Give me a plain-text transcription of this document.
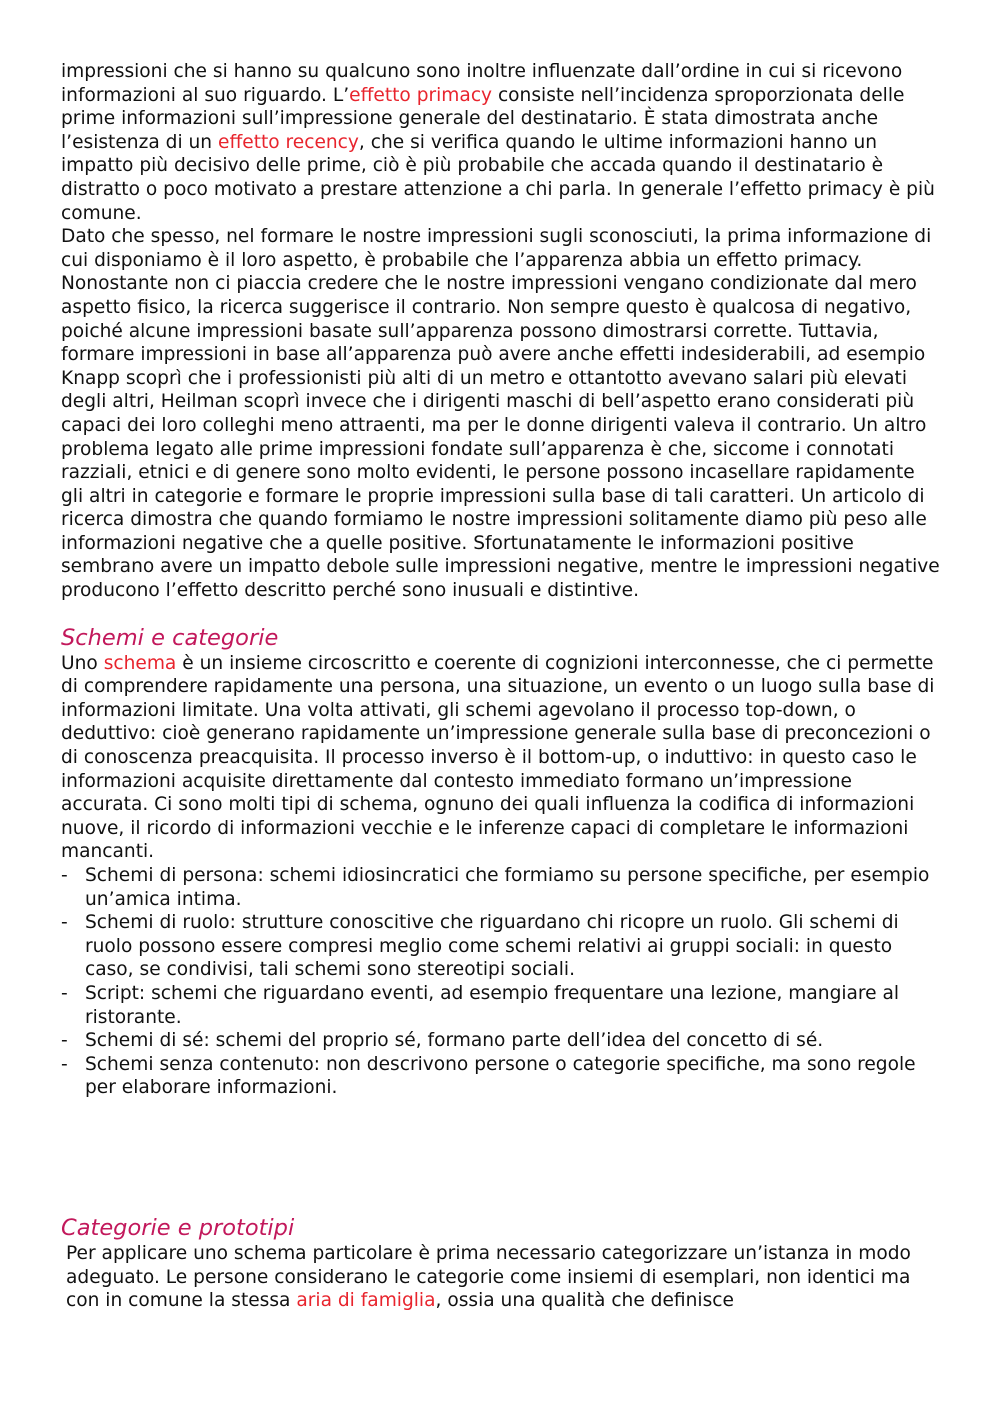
impressioni che si hanno su qualcuno sono inoltre influenzate dall’ordine in cui si ricevono informazioni al suo riguardo. L’effetto primacy consiste nell’incidenza sproporzionata delle prime informazioni sull’impressione generale del destinatario. È stata dimostrata anche l’esistenza di un effetto recency, che si verifica quando le ultime informazioni hanno un impatto più decisivo delle prime, ciò è più probabile che accada quando il destinatario è distratto o poco motivato a prestare attenzione a chi parla. In generale l’effetto primacy è più comune.

Dato che spesso, nel formare le nostre impressioni sugli sconosciuti, la prima informazione di cui disponiamo è il loro aspetto, è probabile che l’apparenza abbia un effetto primacy. Nonostante non ci piaccia credere che le nostre impressioni vengano condizionate dal mero aspetto fisico, la ricerca suggerisce il contrario. Non sempre questo è qualcosa di negativo, poiché alcune impressioni basate sull’apparenza possono dimostrarsi corrette. Tuttavia, formare impressioni in base all’apparenza può avere anche effetti indesiderabili, ad esempio Knapp scoprì che i professionisti più alti di un metro e ottantotto avevano salari più elevati degli altri, Heilman scoprì invece che i dirigenti maschi di bell’aspetto erano considerati più capaci dei loro colleghi meno attraenti, ma per le donne dirigenti valeva il contrario. Un altro problema legato alle prime impressioni fondate sull’apparenza è che, siccome i connotati razziali, etnici e di genere sono molto evidenti, le persone possono incasellare rapidamente gli altri in categorie e formare le proprie impressioni sulla base di tali caratteri. Un articolo di ricerca dimostra che quando formiamo le nostre impressioni solitamente diamo più peso alle informazioni negative che a quelle positive. Sfortunatamente le informazioni positive sembrano avere un impatto debole sulle impressioni negative, mentre le impressioni negative producono l’effetto descritto perché sono inusuali e distintive.

Schemi e categorie

Uno schema è un insieme circoscritto e coerente di cognizioni interconnesse, che ci permette di comprendere rapidamente una persona, una situazione, un evento o un luogo sulla base di informazioni limitate. Una volta attivati, gli schemi agevolano il processo top-down, o deduttivo: cioè generano rapidamente un’impressione generale sulla base di preconcezioni o di conoscenza preacquisita. Il processo inverso è il bottom-up, o induttivo: in questo caso le informazioni acquisite direttamente dal contesto immediato formano un’impressione accurata. Ci sono molti tipi di schema, ognuno dei quali influenza la codifica di informazioni nuove, il ricordo di informazioni vecchie e le inferenze capaci di completare le informazioni mancanti.

- Schemi di persona: schemi idiosincratici che formiamo su persone specifiche, per esempio un’amica intima.
- Schemi di ruolo: strutture conoscitive che riguardano chi ricopre un ruolo. Gli schemi di ruolo possono essere compresi meglio come schemi relativi ai gruppi sociali: in questo caso, se condivisi, tali schemi sono stereotipi sociali.
- Script: schemi che riguardano eventi, ad esempio frequentare una lezione, mangiare al ristorante.
- Schemi di sé: schemi del proprio sé, formano parte dell’idea del concetto di sé.
- Schemi senza contenuto: non descrivono persone o categorie specifiche, ma sono regole per elaborare informazioni.
Categorie e prototipi

Per applicare uno schema particolare è prima necessario categorizzare un’istanza in modo adeguato. Le persone considerano le categorie come insiemi di esemplari, non identici ma con in comune la stessa aria di famiglia, ossia una qualità che definisce
